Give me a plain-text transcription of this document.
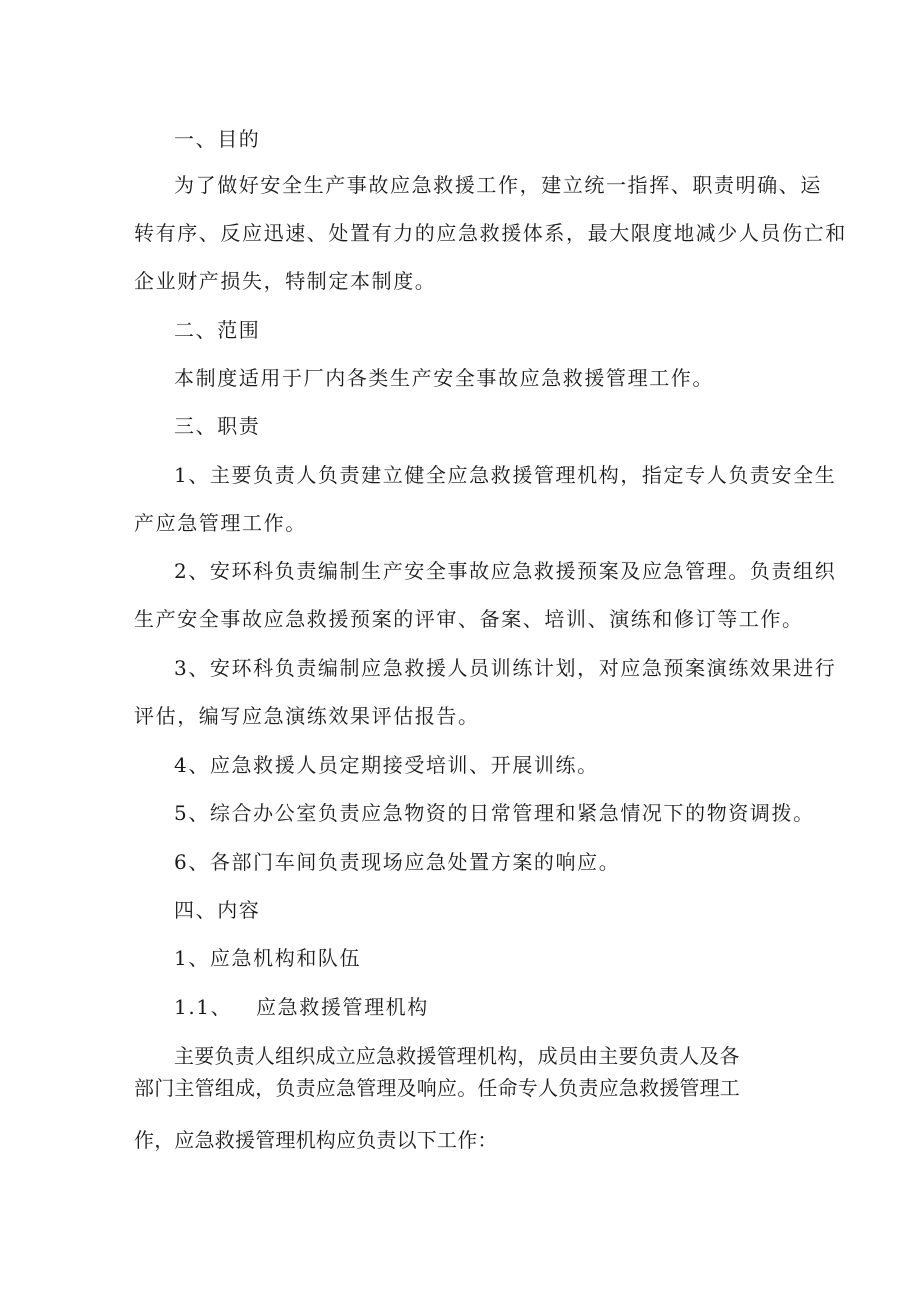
一、目的
为了做好安全生产事故应急救援工作，建立统一指挥、职责明确、运
转有序、反应迅速、处置有力的应急救援体系，最大限度地减少人员伤亡和
企业财产损失，特制定本制度。
二、范围
本制度适用于厂内各类生产安全事故应急救援管理工作。
三、职责
1、主要负责人负责建立健全应急救援管理机构，指定专人负责安全生
产应急管理工作。
2、安环科负责编制生产安全事故应急救援预案及应急管理。负责组织
生产安全事故应急救援预案的评审、备案、培训、演练和修订等工作。
3、安环科负责编制应急救援人员训练计划，对应急预案演练效果进行
评估，编写应急演练效果评估报告。
4、应急救援人员定期接受培训、开展训练。
5、综合办公室负责应急物资的日常管理和紧急情况下的物资调拨。
6、各部门车间负责现场应急处置方案的响应。
四、内容
1、应急机构和队伍
1.1、   应急救援管理机构
主要负责人组织成立应急救援管理机构，成员由主要负责人及各
部门主管组成，负责应急管理及响应。任命专人负责应急救援管理工
作，应急救援管理机构应负责以下工作：
